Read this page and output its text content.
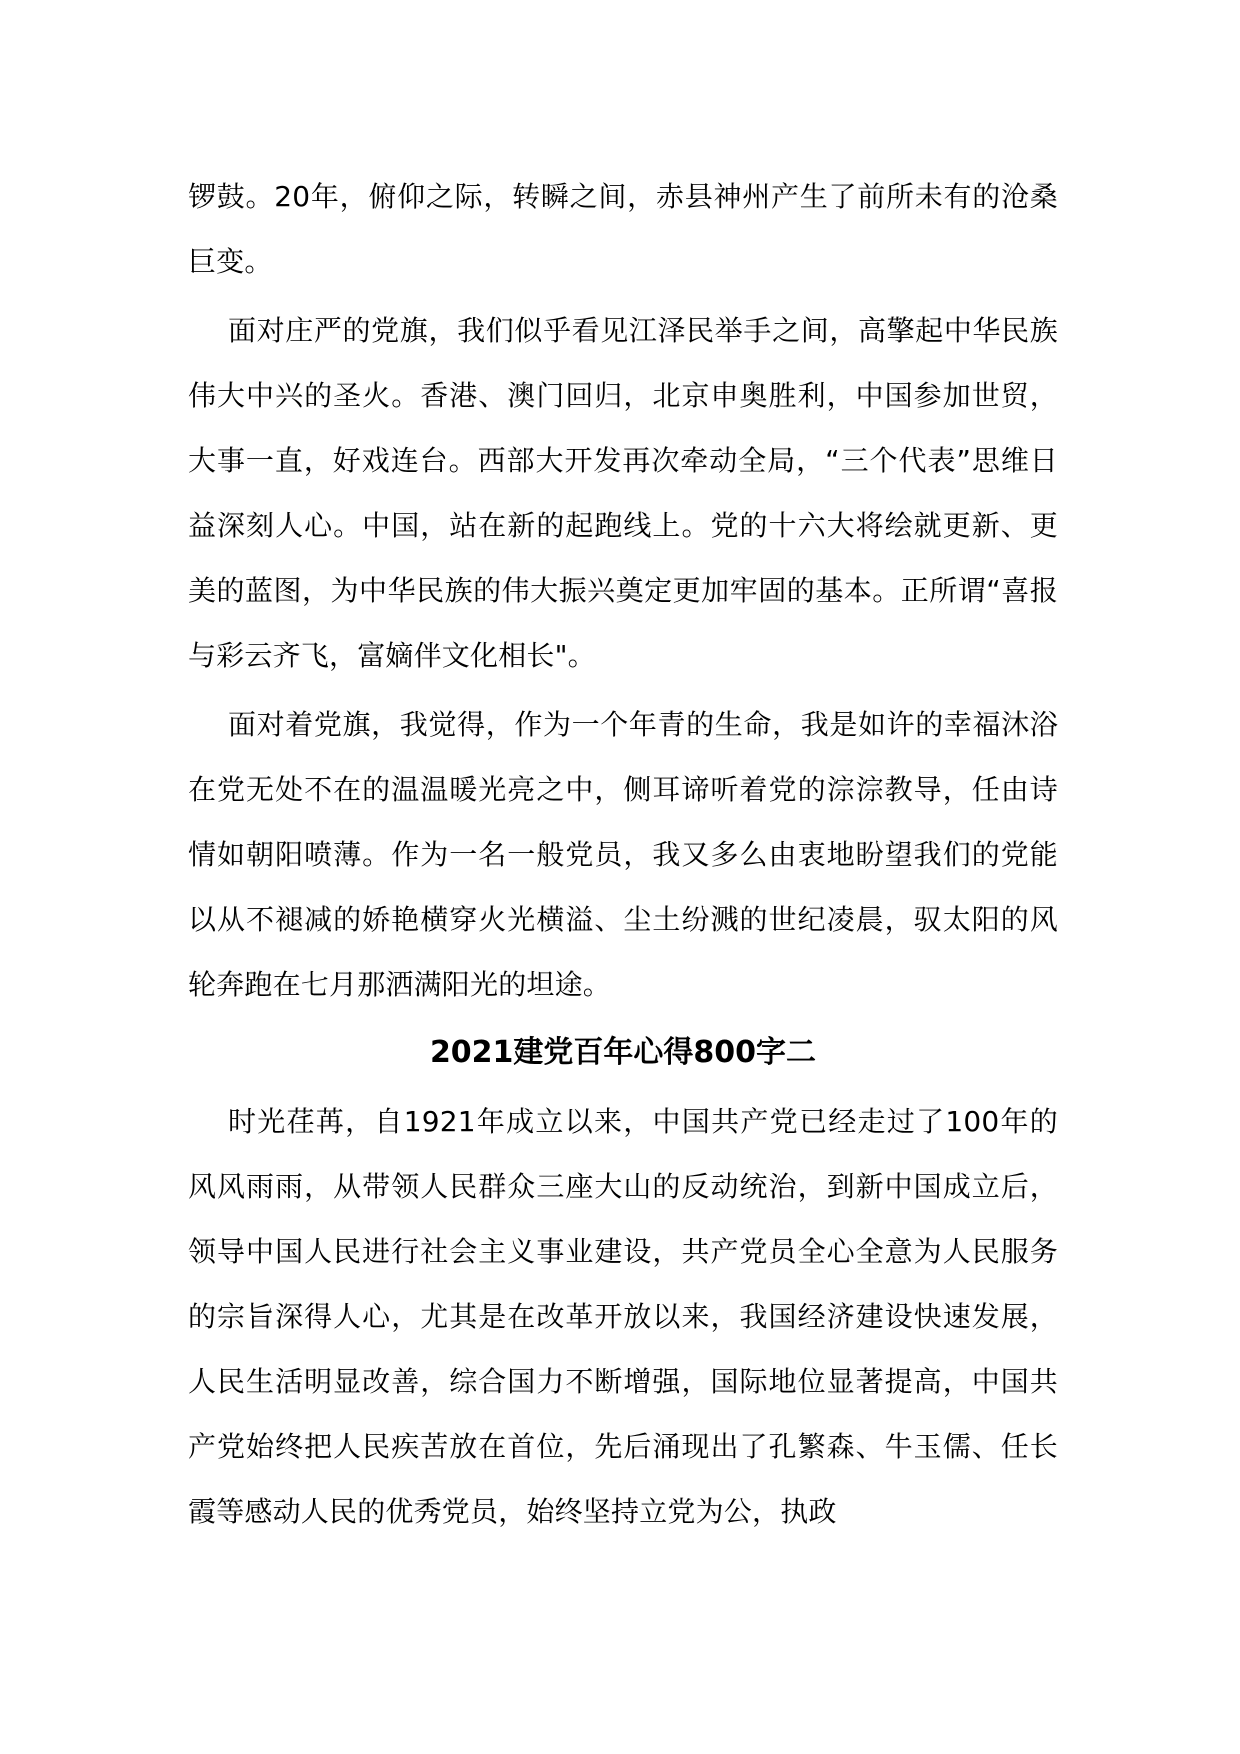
锣鼓。20年，俯仰之际，转瞬之间，赤县神州产生了前所未有的沧桑巨变。

面对庄严的党旗，我们似乎看见江泽民举手之间，高擎起中华民族伟大中兴的圣火。香港、澳门回归，北京申奥胜利，中国参加世贸，大事一直，好戏连台。西部大开发再次牵动全局，“三个代表”思维日益深刻人心。中国，站在新的起跑线上。党的十六大将绘就更新、更美的蓝图，为中华民族的伟大振兴奠定更加牢固的基本。正所谓“喜报与彩云齐飞，富嫡伴文化相长"。

面对着党旗，我觉得，作为一个年青的生命，我是如许的幸福沐浴在党无处不在的温温暖光亮之中，侧耳谛听着党的淙淙教导，任由诗情如朝阳喷薄。作为一名一般党员，我又多么由衷地盼望我们的党能以从不褪减的娇艳横穿火光横溢、尘土纷溅的世纪凌晨，驭太阳的风轮奔跑在七月那洒满阳光的坦途。

2021建党百年心得800字二

时光荏苒，自1921年成立以来，中国共产党已经走过了100年的风风雨雨，从带领人民群众三座大山的反动统治，到新中国成立后，领导中国人民进行社会主义事业建设，共产党员全心全意为人民服务的宗旨深得人心，尤其是在改革开放以来，我国经济建设快速发展，人民生活明显改善，综合国力不断增强，国际地位显著提高，中国共产党始终把人民疾苦放在首位，先后涌现出了孔繁森、牛玉儒、任长霞等感动人民的优秀党员，始终坚持立党为公，执政
